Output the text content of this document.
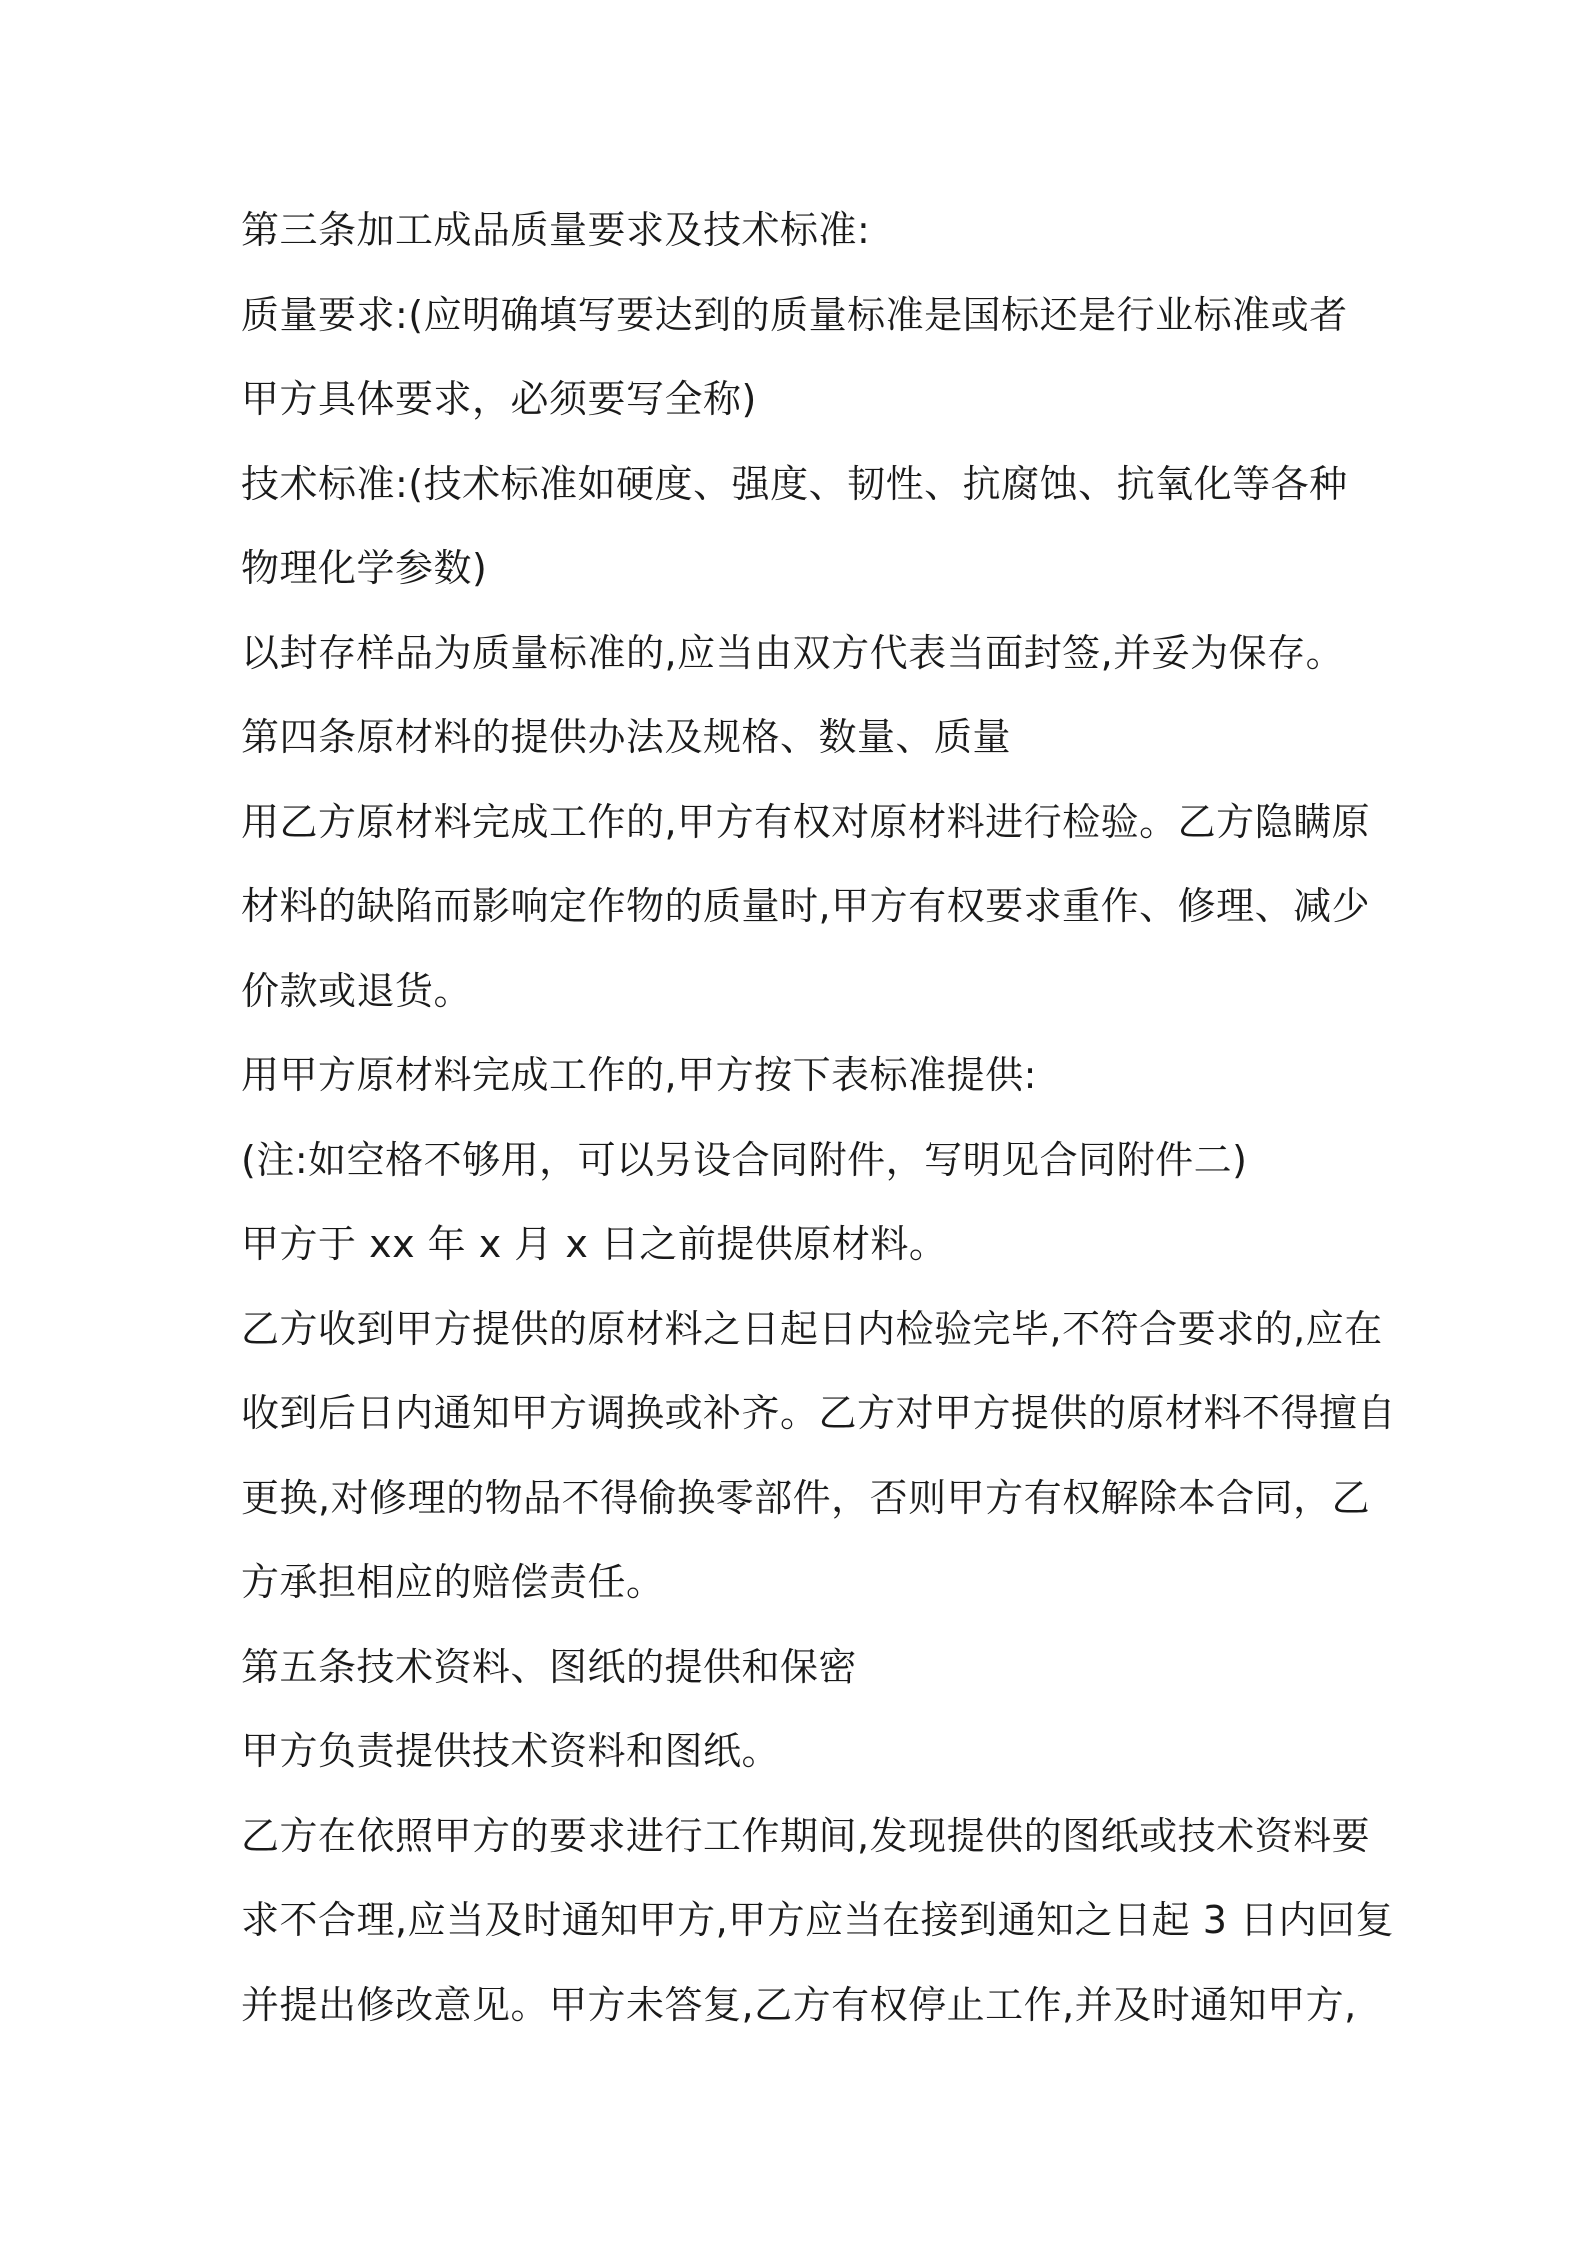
第三条加工成品质量要求及技术标准:
质量要求:(应明确填写要达到的质量标准是国标还是行业标准或者
甲方具体要求，必须要写全称)
技术标准:(技术标准如硬度、强度、韧性、抗腐蚀、抗氧化等各种
物理化学参数)
以封存样品为质量标准的,应当由双方代表当面封签,并妥为保存。
第四条原材料的提供办法及规格、数量、质量
用乙方原材料完成工作的,甲方有权对原材料进行检验。乙方隐瞒原
材料的缺陷而影响定作物的质量时,甲方有权要求重作、修理、减少
价款或退货。
用甲方原材料完成工作的,甲方按下表标准提供:
(注:如空格不够用，可以另设合同附件，写明见合同附件二)
甲方于 xx 年 x 月 x 日之前提供原材料。
乙方收到甲方提供的原材料之日起日内检验完毕,不符合要求的,应在
收到后日内通知甲方调换或补齐。乙方对甲方提供的原材料不得擅自
更换,对修理的物品不得偷换零部件，否则甲方有权解除本合同，乙
方承担相应的赔偿责任。
第五条技术资料、图纸的提供和保密
甲方负责提供技术资料和图纸。
乙方在依照甲方的要求进行工作期间,发现提供的图纸或技术资料要
求不合理,应当及时通知甲方,甲方应当在接到通知之日起 3 日内回复
并提出修改意见。甲方未答复,乙方有权停止工作,并及时通知甲方,
